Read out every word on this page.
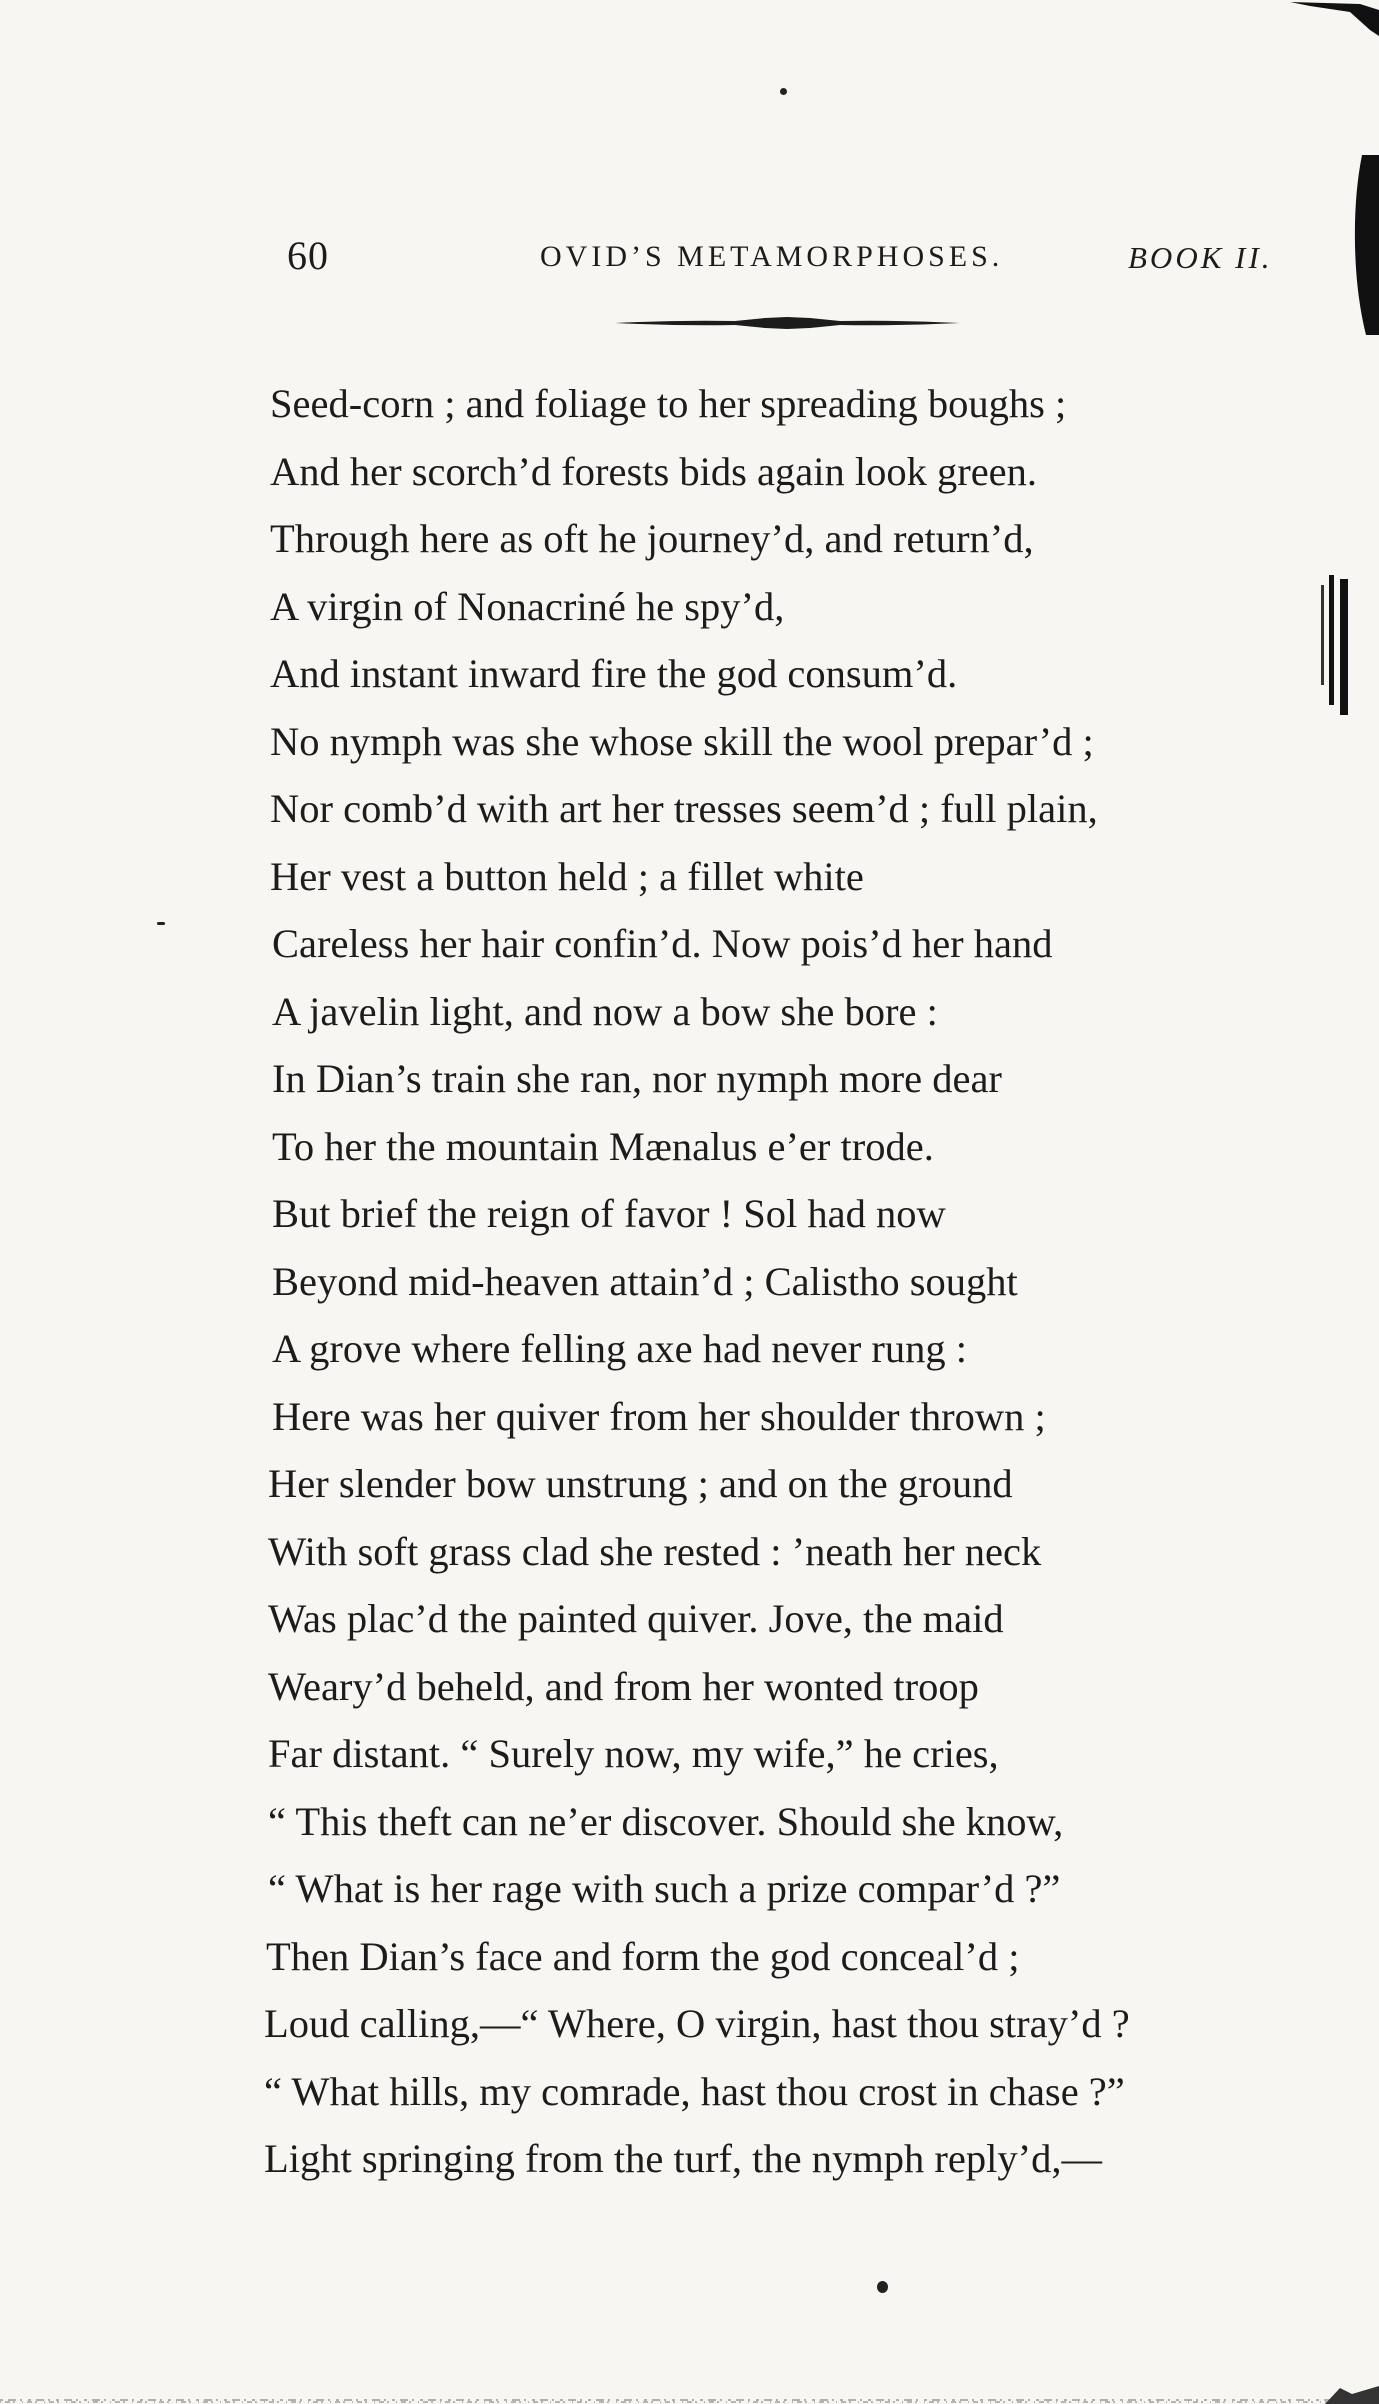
60	OVID’S METAMORPHOSES.	BOOK II.
Seed-corn ; and foliage to her spreading boughs ;
And her scorch’d forests bids again look green.
Through here as oft he journey’d, and return’d,
A virgin of Nonacriné he spy’d,
And instant inward fire the god consum’d.
No nymph was she whose skill the wool prepar’d ;
Nor comb’d with art her tresses seem’d ; full plain,
Her vest a button held ; a fillet white
Careless her hair confin’d. Now pois’d her hand
A javelin light, and now a bow she bore :
In Dian’s train she ran, nor nymph more dear
To her the mountain Mænalus e’er trode.
But brief the reign of favor ! Sol had now
Beyond mid-heaven attain’d ; Calistho sought
A grove where felling axe had never rung :
Here was her quiver from her shoulder thrown ;
Her slender bow unstrung ; and on the ground
With soft grass clad she rested : ’neath her neck
Was plac’d the painted quiver. Jove, the maid
Weary’d beheld, and from her wonted troop
Far distant. “ Surely now, my wife,” he cries,
“ This theft can ne’er discover. Should she know,
“ What is her rage with such a prize compar’d ?”
Then Dian’s face and form the god conceal’d ;
Loud calling,—“ Where, O virgin, hast thou stray’d ?
“ What hills, my comrade, hast thou crost in chase ?”
Light springing from the turf, the nymph reply’d,—
